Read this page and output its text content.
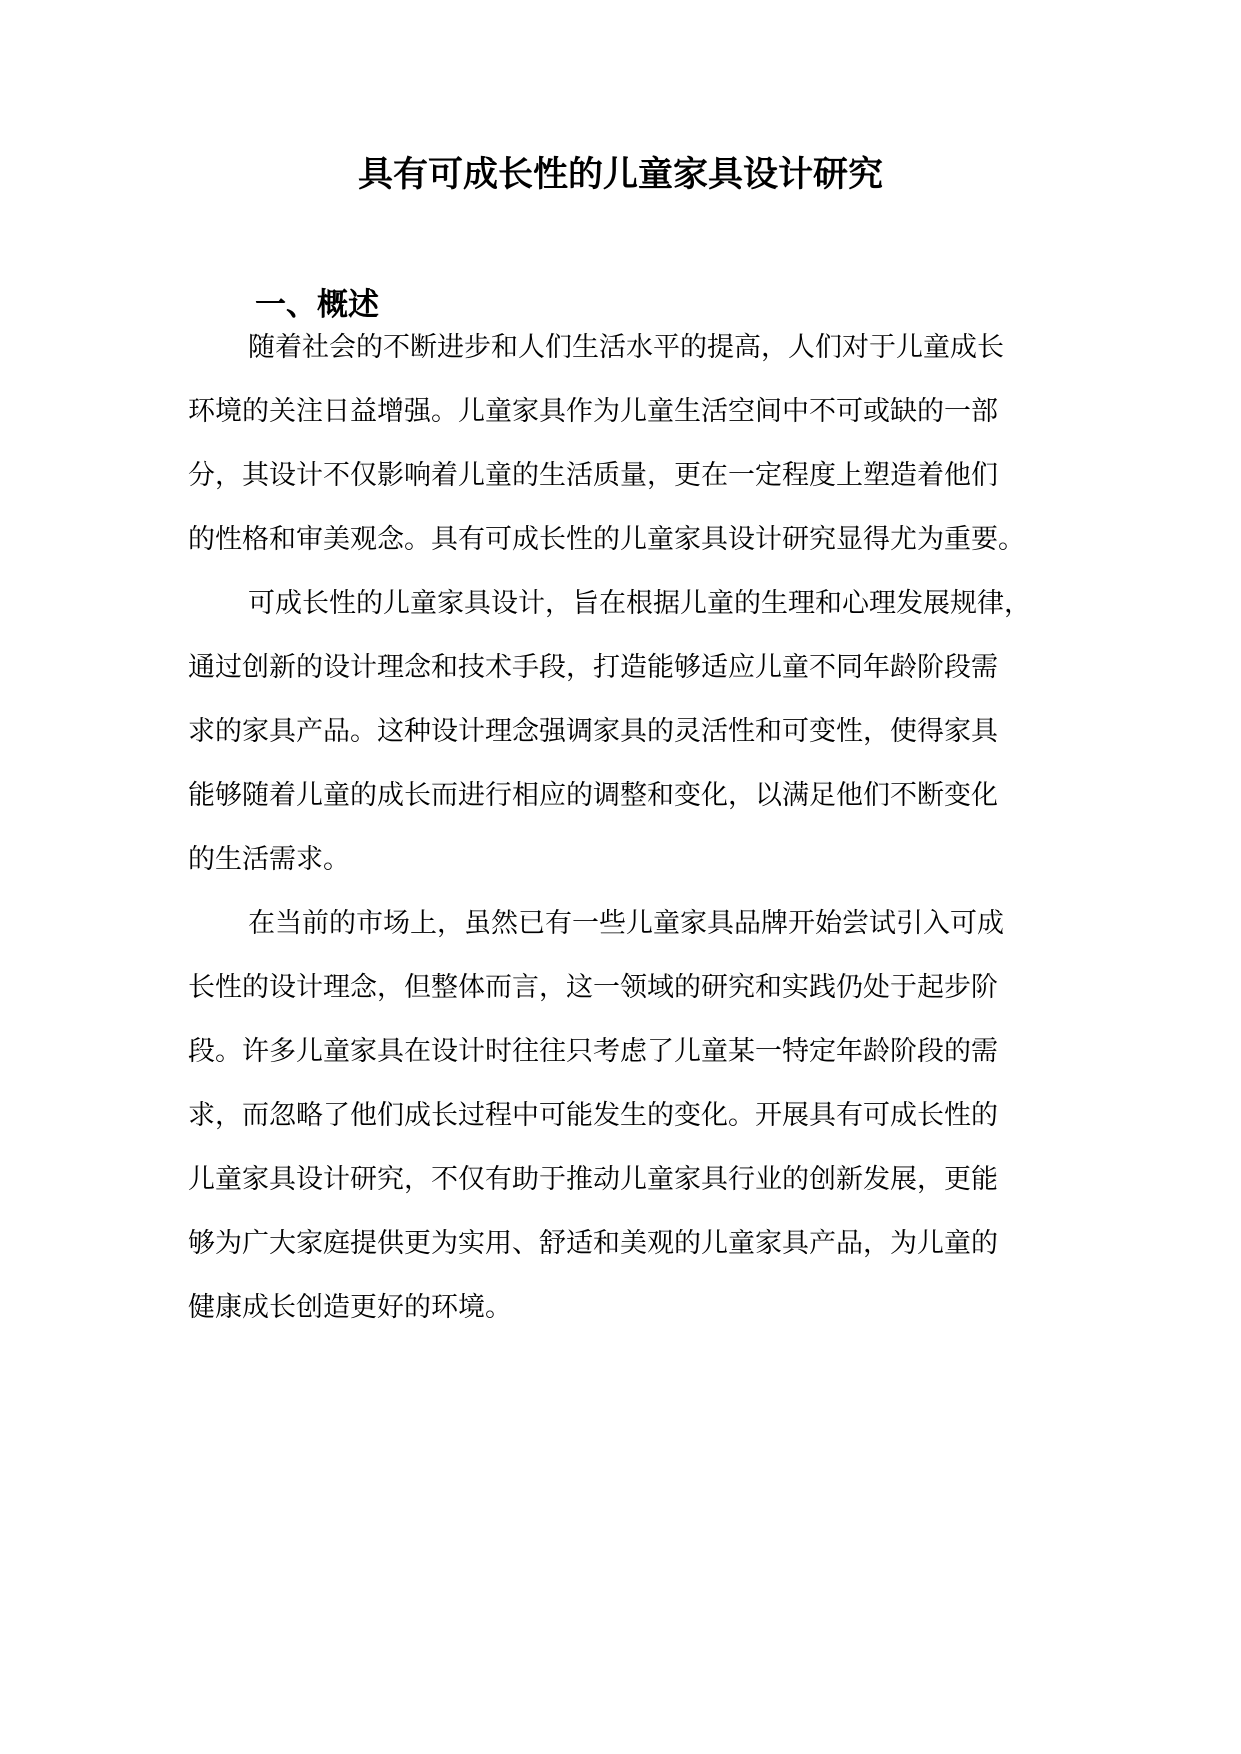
具有可成长性的儿童家具设计研究
一、概述
随着社会的不断进步和人们生活水平的提高，人们对于儿童成长
环境的关注日益增强。儿童家具作为儿童生活空间中不可或缺的一部
分，其设计不仅影响着儿童的生活质量，更在一定程度上塑造着他们
的性格和审美观念。具有可成长性的儿童家具设计研究显得尤为重要。
可成长性的儿童家具设计，旨在根据儿童的生理和心理发展规律，
通过创新的设计理念和技术手段，打造能够适应儿童不同年龄阶段需
求的家具产品。这种设计理念强调家具的灵活性和可变性，使得家具
能够随着儿童的成长而进行相应的调整和变化，以满足他们不断变化
的生活需求。
在当前的市场上，虽然已有一些儿童家具品牌开始尝试引入可成
长性的设计理念，但整体而言，这一领域的研究和实践仍处于起步阶
段。许多儿童家具在设计时往往只考虑了儿童某一特定年龄阶段的需
求，而忽略了他们成长过程中可能发生的变化。开展具有可成长性的
儿童家具设计研究，不仅有助于推动儿童家具行业的创新发展，更能
够为广大家庭提供更为实用、舒适和美观的儿童家具产品，为儿童的
健康成长创造更好的环境。
